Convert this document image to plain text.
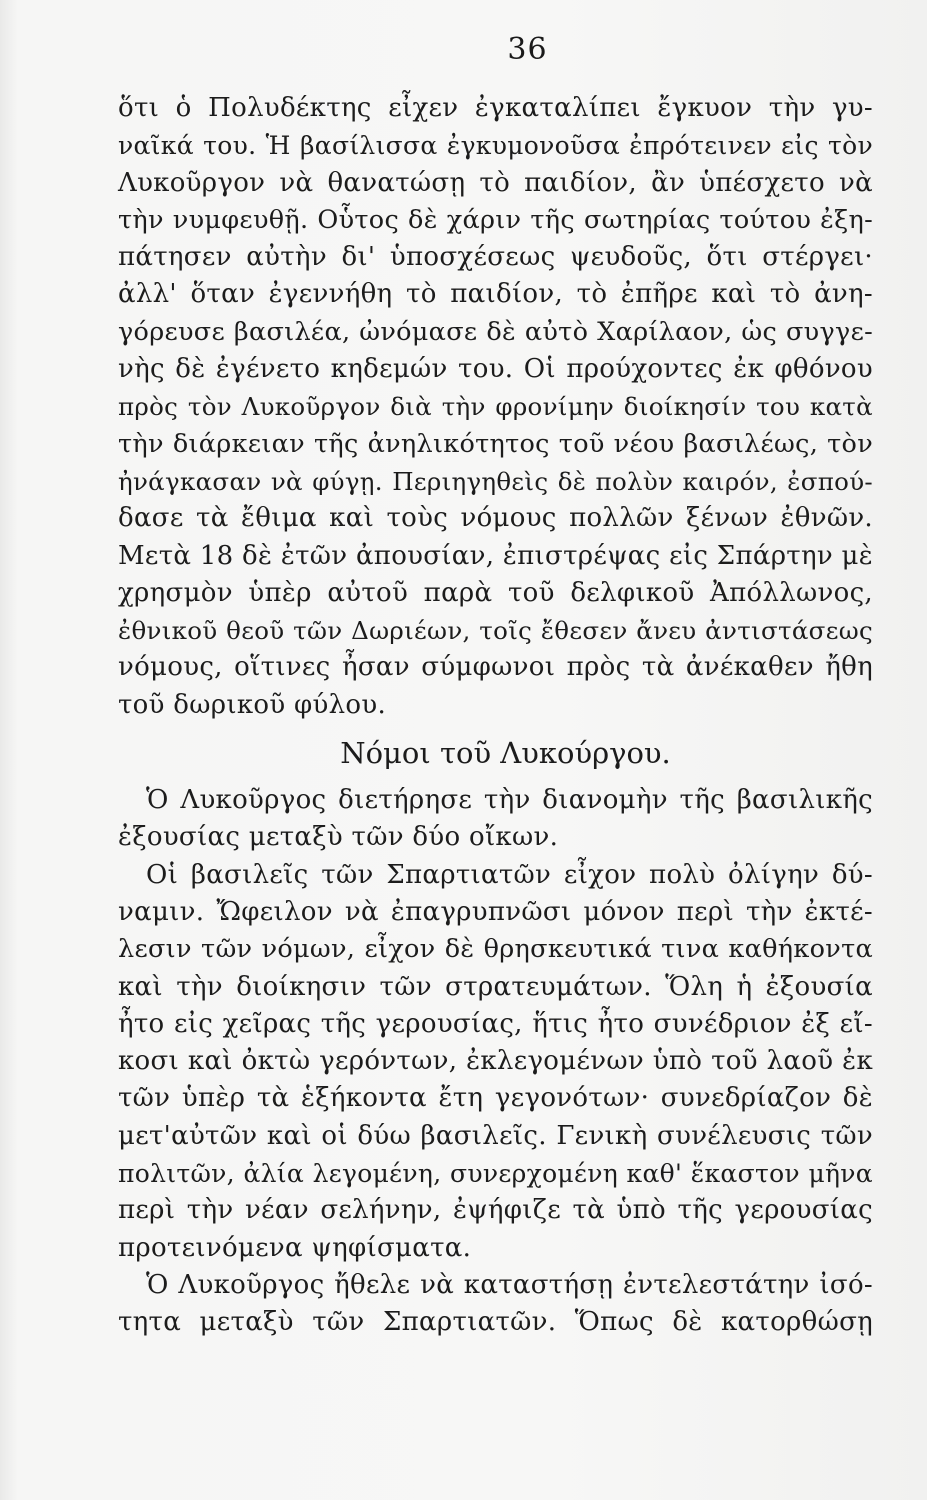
36
ὅτι ὁ Πολυδέκτης εἶχεν ἐγκαταλίπει ἔγκυον τὴν γυ-
ναῖκά του. Ἡ βασίλισσα ἐγκυμονοῦσα ἐπρότεινεν εἰς τὸν
Λυκοῦργον νὰ θανατώσῃ τὸ παιδίον, ἂν ὑπέσχετο νὰ
τὴν νυμφευθῇ. Οὗτος δὲ χάριν τῆς σωτηρίας τούτου ἐξη-
πάτησεν αὐτὴν δι' ὑποσχέσεως ψευδοῦς, ὅτι στέργει·
ἀλλ' ὅταν ἐγεννήθη τὸ παιδίον, τὸ ἐπῆρε καὶ τὸ ἀνη-
γόρευσε βασιλέα, ὠνόμασε δὲ αὐτὸ Χαρίλαον, ὡς συγγε-
νὴς δὲ ἐγένετο κηδεμών του. Οἱ προύχοντες ἐκ φθόνου
πρὸς τὸν Λυκοῦργον διὰ τὴν φρονίμην διοίκησίν του κατὰ
τὴν διάρκειαν τῆς ἀνηλικότητος τοῦ νέου βασιλέως, τὸν
ἠνάγκασαν νὰ φύγῃ. Περιηγηθεὶς δὲ πολὺν καιρόν, ἐσπού-
δασε τὰ ἔθιμα καὶ τοὺς νόμους πολλῶν ξένων ἐθνῶν.
Μετὰ 18 δὲ ἐτῶν ἀπουσίαν, ἐπιστρέψας εἰς Σπάρτην μὲ
χρησμὸν ὑπὲρ αὐτοῦ παρὰ τοῦ δελφικοῦ Ἀπόλλωνος,
ἐθνικοῦ θεοῦ τῶν Δωριέων, τοῖς ἔθεσεν ἄνευ ἀντιστάσεως
νόμους, οἵτινες ἦσαν σύμφωνοι πρὸς τὰ ἀνέκαθεν ἤθη
τοῦ δωρικοῦ φύλου.
Νόμοι τοῦ Λυκούργου.
Ὁ Λυκοῦργος διετήρησε τὴν διανομὴν τῆς βασιλικῆς
ἐξουσίας μεταξὺ τῶν δύο οἴκων.
Οἱ βασιλεῖς τῶν Σπαρτιατῶν εἶχον πολὺ ὀλίγην δύ-
ναμιν. Ὤφειλον νὰ ἐπαγρυπνῶσι μόνον περὶ τὴν ἐκτέ-
λεσιν τῶν νόμων, εἶχον δὲ θρησκευτικά τινα καθήκοντα
καὶ τὴν διοίκησιν τῶν στρατευμάτων. Ὅλη ἡ ἐξουσία
ἦτο εἰς χεῖρας τῆς γερουσίας, ἥτις ἦτο συνέδριον ἐξ εἴ-
κοσι καὶ ὀκτὼ γερόντων, ἐκλεγομένων ὑπὸ τοῦ λαοῦ ἐκ
τῶν ὑπὲρ τὰ ἑξήκοντα ἔτη γεγονότων· συνεδρίαζον δὲ
μετ'αὐτῶν καὶ οἱ δύω βασιλεῖς. Γενικὴ συνέλευσις τῶν
πολιτῶν, ἀλία λεγομένη, συνερχομένη καθ' ἕκαστον μῆνα
περὶ τὴν νέαν σελήνην, ἐψήφιζε τὰ ὑπὸ τῆς γερουσίας
προτεινόμενα ψηφίσματα.
Ὁ Λυκοῦργος ἤθελε νὰ καταστήσῃ ἐντελεστάτην ἰσό-
τητα μεταξὺ τῶν Σπαρτιατῶν. Ὅπως δὲ κατορθώσῃ
